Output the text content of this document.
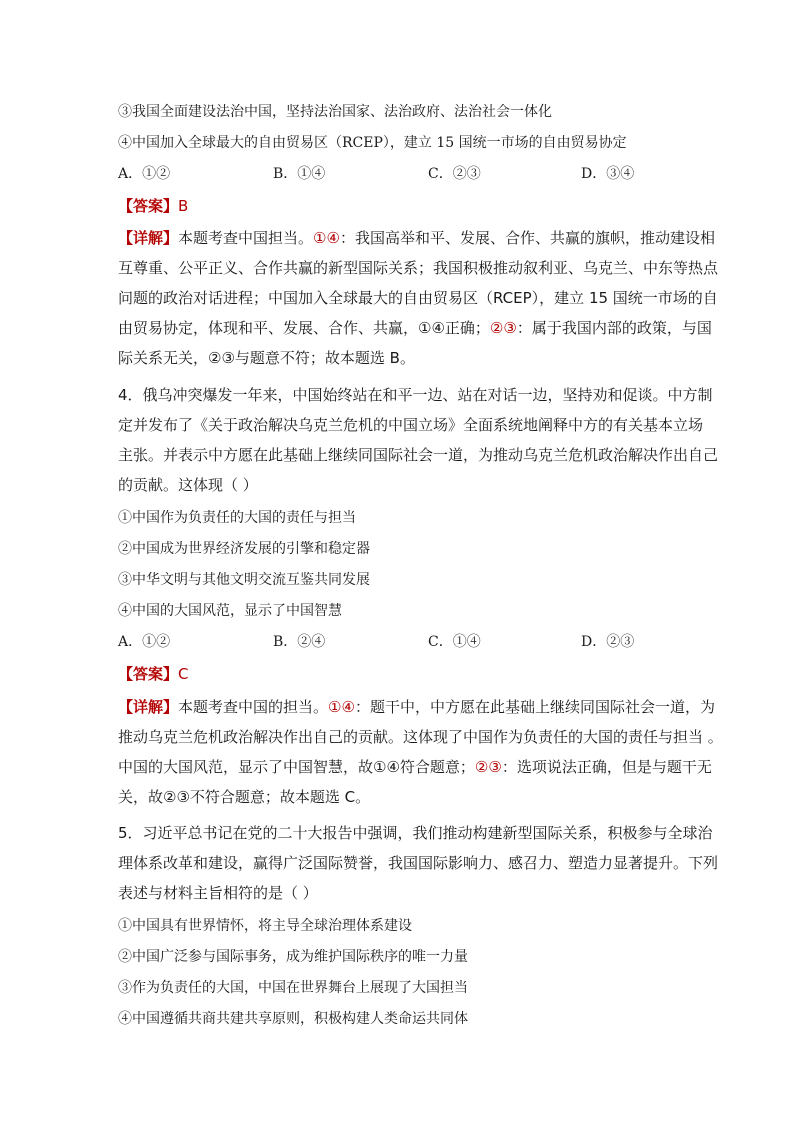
③我国全面建设法治中国，坚持法治国家、法治政府、法治社会一体化
④中国加入全球最大的自由贸易区（RCEP），建立 15 国统一市场的自由贸易协定
A．①②	B．①④	C．②③	D．③④
【答案】B
【详解】本题考查中国担当。①④：我国高举和平、发展、合作、共赢的旗帜，推动建设相
互尊重、公平正义、合作共赢的新型国际关系；我国积极推动叙利亚、乌克兰、中东等热点
问题的政治对话进程；中国加入全球最大的自由贸易区（RCEP），建立 15 国统一市场的自
由贸易协定，体现和平、发展、合作、共赢，①④正确；②③：属于我国内部的政策，与国
际关系无关，②③与题意不符；故本题选 B。
4．俄乌冲突爆发一年来，中国始终站在和平一边、站在对话一边，坚持劝和促谈。中方制
定并发布了《关于政治解决乌克兰危机的中国立场》全面系统地阐释中方的有关基本立场
主张。并表示中方愿在此基础上继续同国际社会一道，为推动乌克兰危机政治解决作出自己
的贡献。这体现（ ）
①中国作为负责任的大国的责任与担当
②中国成为世界经济发展的引擎和稳定器
③中华文明与其他文明交流互鉴共同发展
④中国的大国风范，显示了中国智慧
A．①②	B．②④	C．①④	D．②③
【答案】C
【详解】本题考查中国的担当。①④：题干中，中方愿在此基础上继续同国际社会一道，为
推动乌克兰危机政治解决作出自己的贡献。这体现了中国作为负责任的大国的责任与担当 。
中国的大国风范，显示了中国智慧，故①④符合题意；②③：选项说法正确，但是与题干无
关，故②③不符合题意；故本题选 C。
5．习近平总书记在党的二十大报告中强调，我们推动构建新型国际关系，积极参与全球治
理体系改革和建设，赢得广泛国际赞誉，我国国际影响力、感召力、塑造力显著提升。下列
表述与材料主旨相符的是（ ）
①中国具有世界情怀，将主导全球治理体系建设
②中国广泛参与国际事务，成为维护国际秩序的唯一力量
③作为负责任的大国，中国在世界舞台上展现了大国担当
④中国遵循共商共建共享原则，积极构建人类命运共同体
